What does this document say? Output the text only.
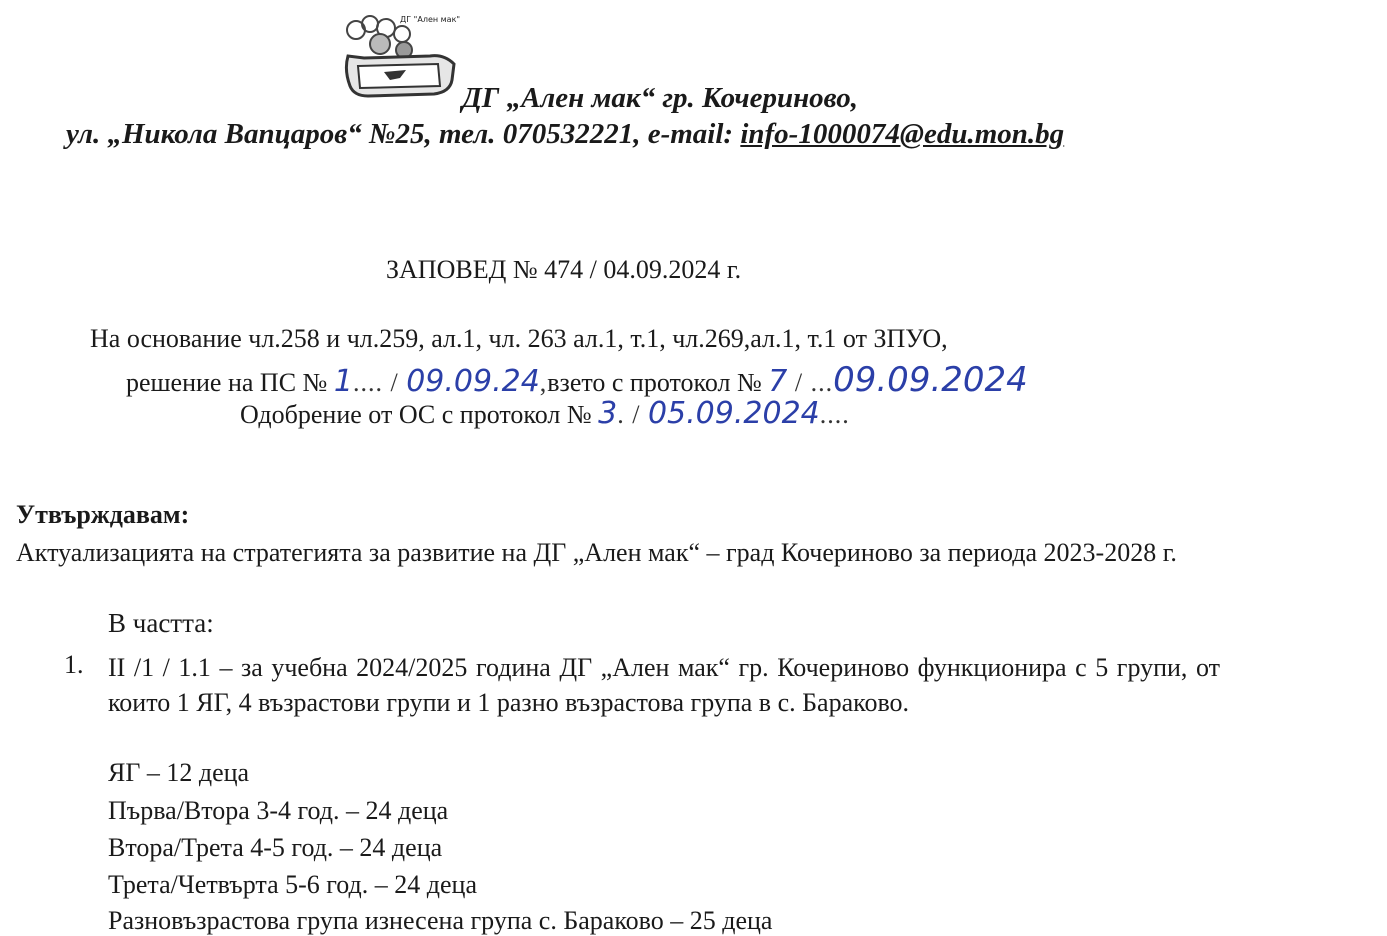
ДГ "Ален мак"
ДГ „Ален мак“ гр. Кочериново,
ул. „Никола Вапцаров“ №25, тел. 070532221, e-mail: info-1000074@edu.mon.bg
ЗАПОВЕД № 474 / 04.09.2024 г.
На основание чл.258 и чл.259, ал.1, чл. 263 ал.1, т.1, чл.269,ал.1, т.1 от ЗПУО,
решение на ПС № 1.... / 09.09.24,взето с протокол № 7 / ...09.09.2024
Одобрение от ОС с протокол № 3. / 05.09.2024....
Утвърждавам:
Актуализацията на стратегията за развитие на ДГ „Ален мак“ – град Кочериново за периода 2023-2028 г.
В частта:
1. II /1 / 1.1 – за учебна 2024/2025 година ДГ „Ален мак“ гр. Кочериново функционира с 5 групи, от които 1 ЯГ, 4 възрастови групи и 1 разно възрастова група в с. Бараково.
ЯГ – 12 деца
Първа/Втора 3-4 год. – 24 деца
Втора/Трета 4-5 год. – 24 деца
Трета/Четвърта 5-6 год. – 24 деца
Разновъзрастова група изнесена група с. Бараково – 25 деца
